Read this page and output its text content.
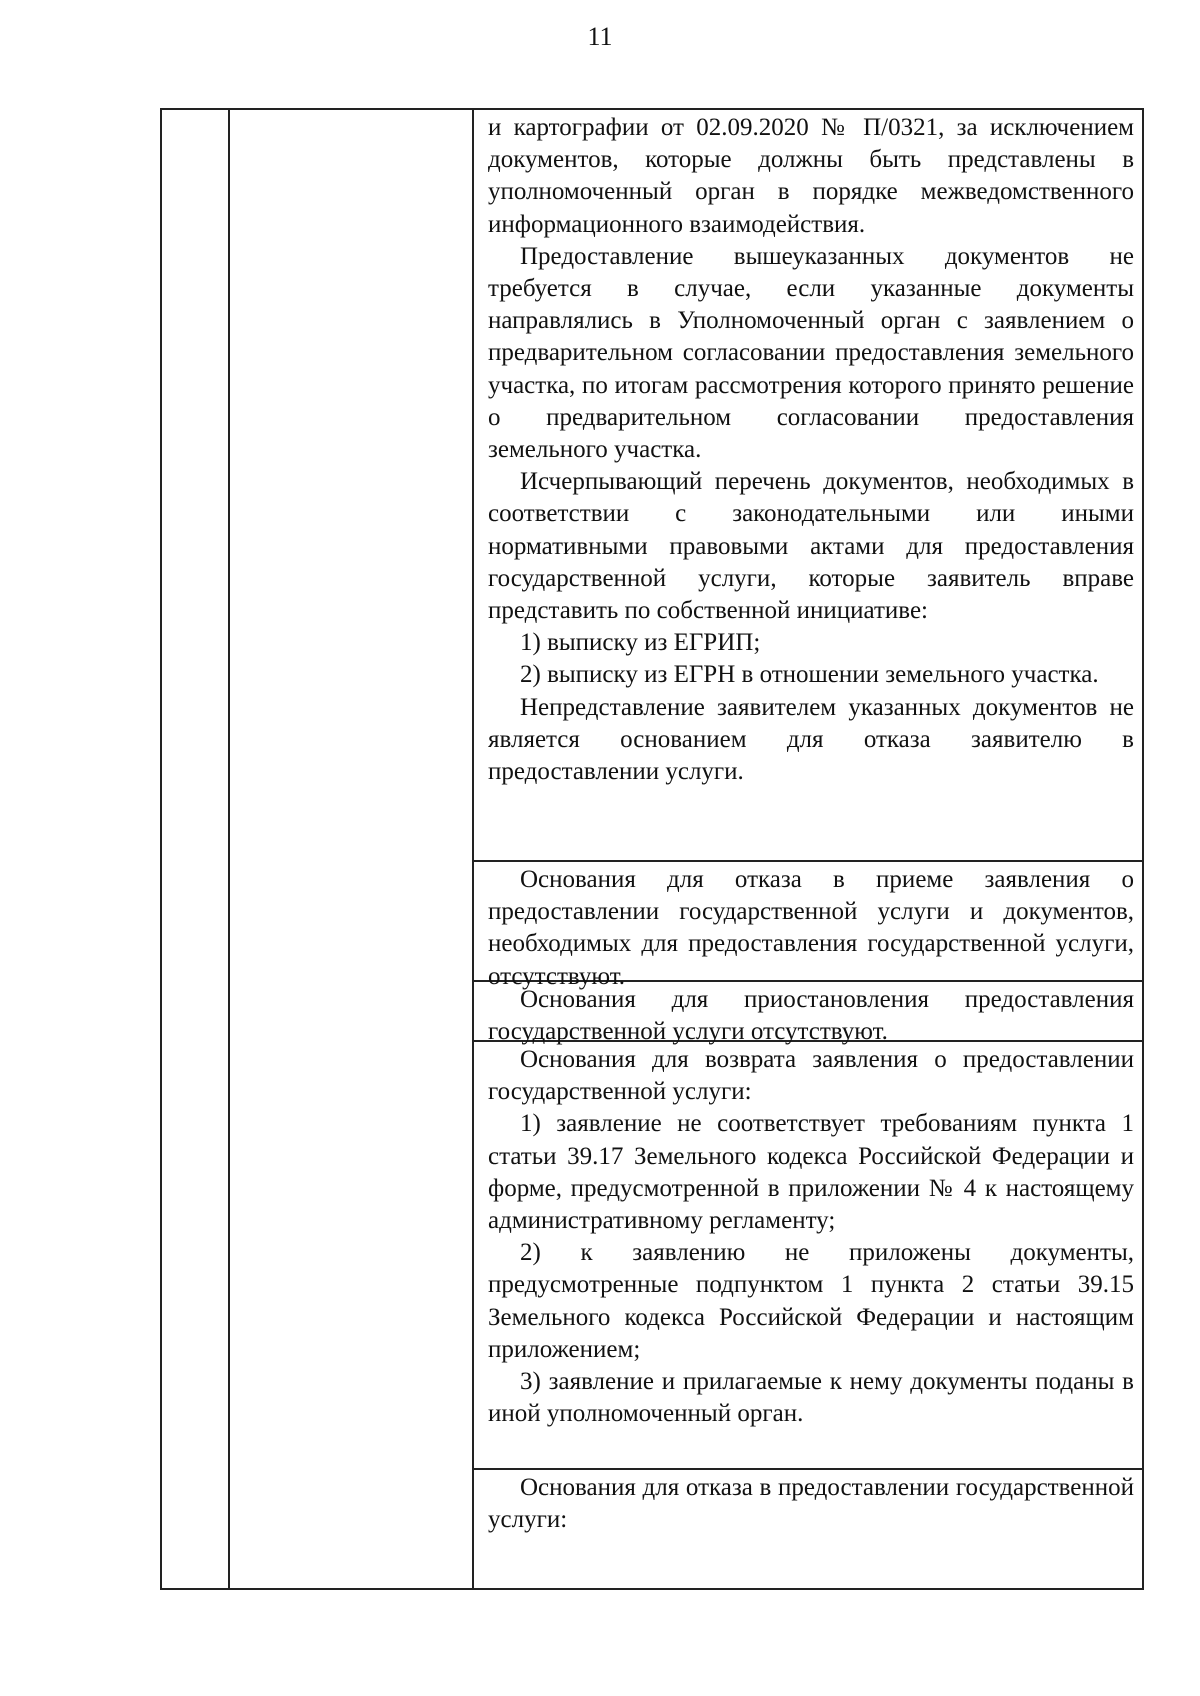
11

и картографии от 02.09.2020 № П/0321, за исключением документов, которые должны быть представлены в уполномоченный орган в порядке межведомственного информационного взаимодействия.

Предоставление вышеуказанных документов не требуется в случае, если указанные документы направлялись в Уполномоченный орган с заявлением о предварительном согласовании предоставления земельного участка, по итогам рассмотрения которого принято решение о предварительном согласовании предоставления земельного участка.

Исчерпывающий перечень документов, необходимых в соответствии с законодательными или иными нормативными правовыми актами для предоставления государственной услуги, которые заявитель вправе представить по собственной инициативе:

1) выписку из ЕГРИП;

2) выписку из ЕГРН в отношении земельного участка.

Непредставление заявителем указанных документов не является основанием для отказа заявителю в предоставлении услуги.

Основания для отказа в приеме заявления о предоставлении государственной услуги и документов, необходимых для предоставления государственной услуги, отсутствуют.

Основания для приостановления предоставления государственной услуги отсутствуют.

Основания для возврата заявления о предоставлении государственной услуги:

1) заявление не соответствует требованиям пункта 1 статьи 39.17 Земельного кодекса Российской Федерации и форме, предусмотренной в приложении № 4 к настоящему административному регламенту;

2) к заявлению не приложены документы, предусмотренные подпунктом 1 пункта 2 статьи 39.15 Земельного кодекса Российской Федерации и настоящим приложением;

3) заявление и прилагаемые к нему документы поданы в иной уполномоченный орган.

Основания для отказа в предоставлении государственной услуги:
